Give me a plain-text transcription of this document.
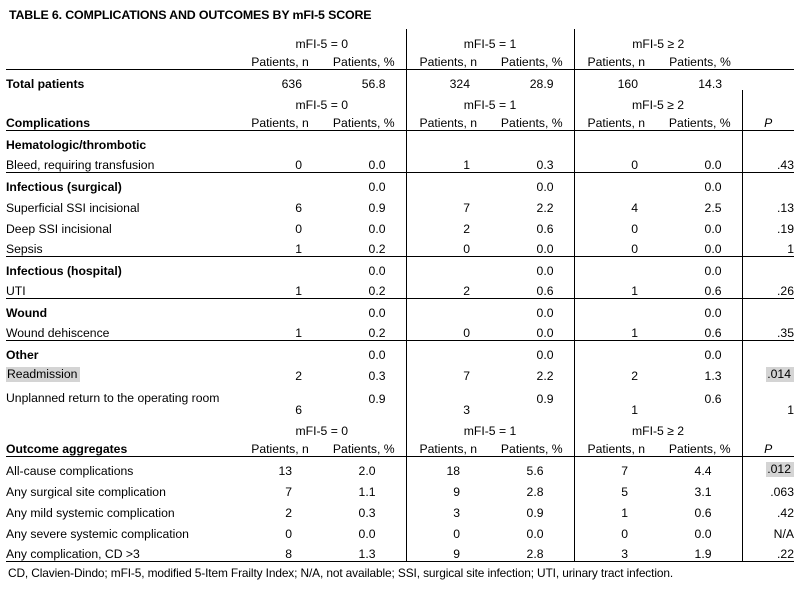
TABLE 6. COMPLICATIONS AND OUTCOMES BY mFI-5 SCORE
	mFI-5 = 0		mFI-5 = 1		mFI-5 ≥ 2		
	Patients, n	Patients, %	Patients, n	Patients, %	Patients, n	Patients, %	
Total patients	636	56.8	324	28.9	160	14.3	
	mFI-5 = 0		mFI-5 = 1		mFI-5 ≥ 2		
Complications	Patients, n	Patients, %	Patients, n	Patients, %	Patients, n	Patients, %	P
Hematologic/thrombotic							
Bleed, requiring transfusion	0	0.0	1	0.3	0	0.0	.43
Infectious (surgical)		0.0		0.0		0.0	
Superficial SSI incisional	6	0.9	7	2.2	4	2.5	.13
Deep SSI incisional	0	0.0	2	0.6	0	0.0	.19
Sepsis	1	0.2	0	0.0	0	0.0	1
Infectious (hospital)		0.0		0.0		0.0	
UTI	1	0.2	2	0.6	1	0.6	.26
Wound		0.0		0.0		0.0	
Wound dehiscence	1	0.2	0	0.0	1	0.6	.35
Other		0.0		0.0		0.0	
Readmission	2	0.3	7	2.2	2	1.3	.014
Unplanned return to the operating room	6	0.9	3	0.9	1	0.6	1
	mFI-5 = 0		mFI-5 = 1		mFI-5 ≥ 2		
Outcome aggregates	Patients, n	Patients, %	Patients, n	Patients, %	Patients, n	Patients, %	P
All-cause complications	13	2.0	18	5.6	7	4.4	.012
Any surgical site complication	7	1.1	9	2.8	5	3.1	.063
Any mild systemic complication	2	0.3	3	0.9	1	0.6	.42
Any severe systemic complication	0	0.0	0	0.0	0	0.0	N/A
Any complication, CD >3	8	1.3	9	2.8	3	1.9	.22

CD, Clavien-Dindo; mFI-5, modified 5-Item Frailty Index; N/A, not available; SSI, surgical site infection; UTI, urinary tract infection.
